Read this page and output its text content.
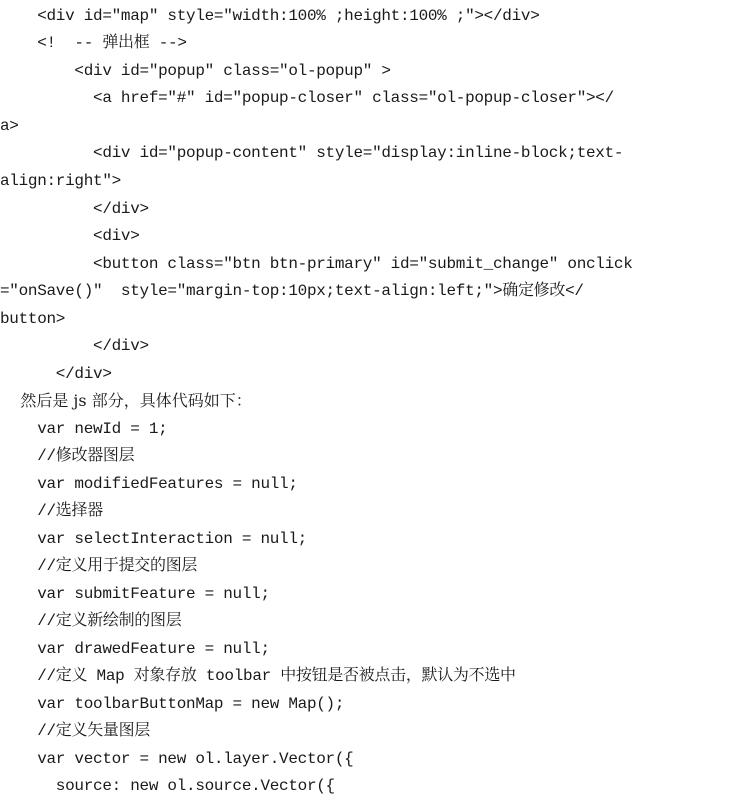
<div id="map" style="width:100% ;height:100% ;"></div>
<!  -- 弹出框 -->
<div id="popup" class="ol-popup" >
<a href="#" id="popup-closer" class="ol-popup-closer"></
a>
<div id="popup-content" style="display:inline-block;text-
align:right">
</div>
<div>
<button class="btn btn-primary" id="submit_change" onclick
="onSave()"  style="margin-top:10px;text-align:left;">确定修改</
button>
</div>
</div>
然后是 js 部分，具体代码如下：
var newId = 1;
//修改器图层
var modifiedFeatures = null;
//选择器
var selectInteraction = null;
//定义用于提交的图层
var submitFeature = null;
//定义新绘制的图层
var drawedFeature = null;
//定义 Map 对象存放 toolbar 中按钮是否被点击，默认为不选中
var toolbarButtonMap = new Map();
//定义矢量图层
var vector = new ol.layer.Vector({
source: new ol.source.Vector({
